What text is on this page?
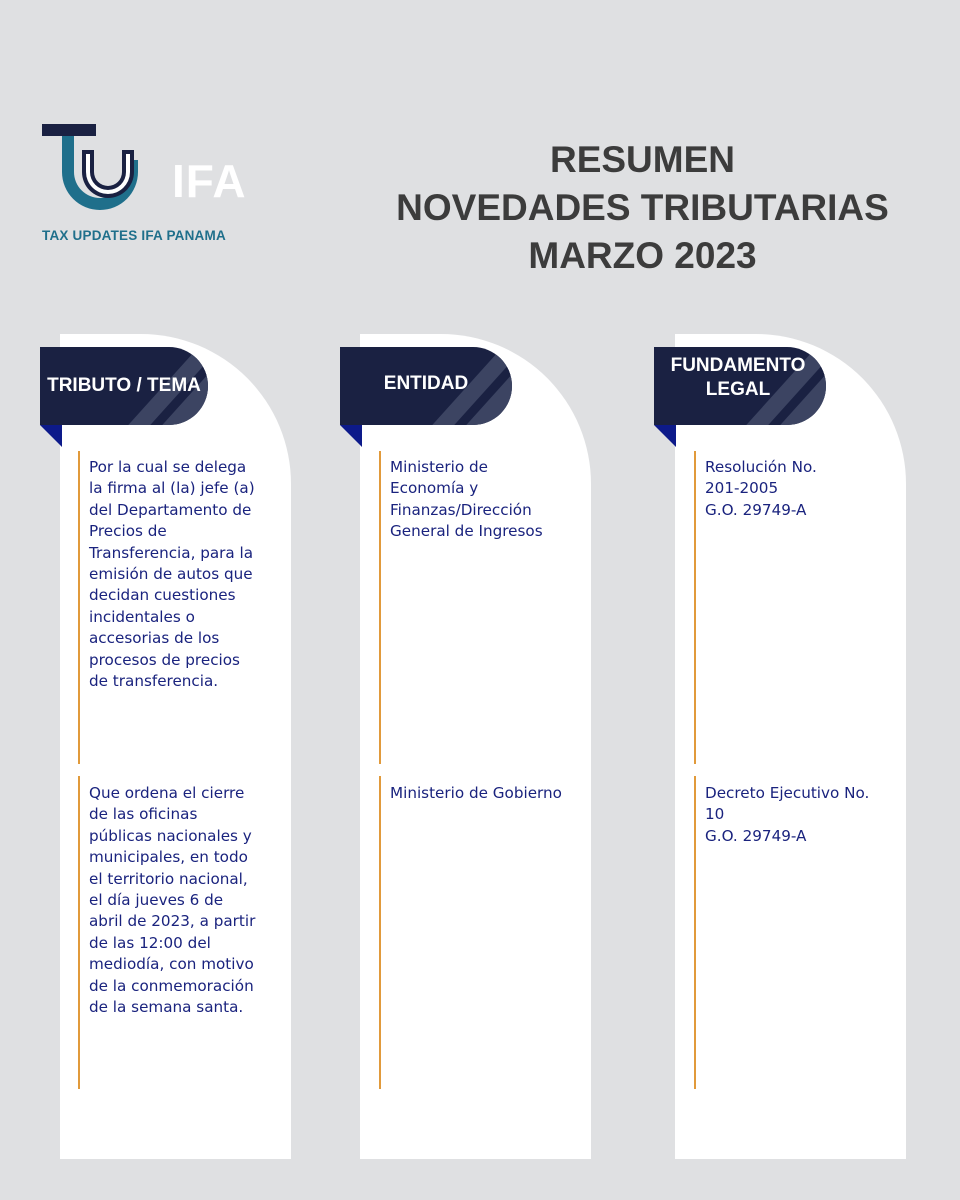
IFA
TAX UPDATES IFA PANAMA
RESUMEN
NOVEDADES TRIBUTARIAS
MARZO 2023
TRIBUTO / TEMA	ENTIDAD
FUNDAMENTO
LEGAL
Por la cual se delega la firma al (la) jefe (a) del Departamento de Precios de Transferencia, para la emisión de autos que decidan cuestiones incidentales o accesorias de los procesos de precios de transferencia.
Ministerio de Economía y Finanzas/Dirección General de Ingresos
Resolución No.
201-2005
G.O. 29749-A
Que ordena el cierre de las oficinas públicas nacionales y municipales, en todo el territorio nacional, el día jueves 6 de abril de 2023, a partir de las 12:00 del mediodía, con motivo de la conmemoración de la semana santa.
Ministerio de Gobierno	Decreto Ejecutivo No.
10
G.O. 29749-A
